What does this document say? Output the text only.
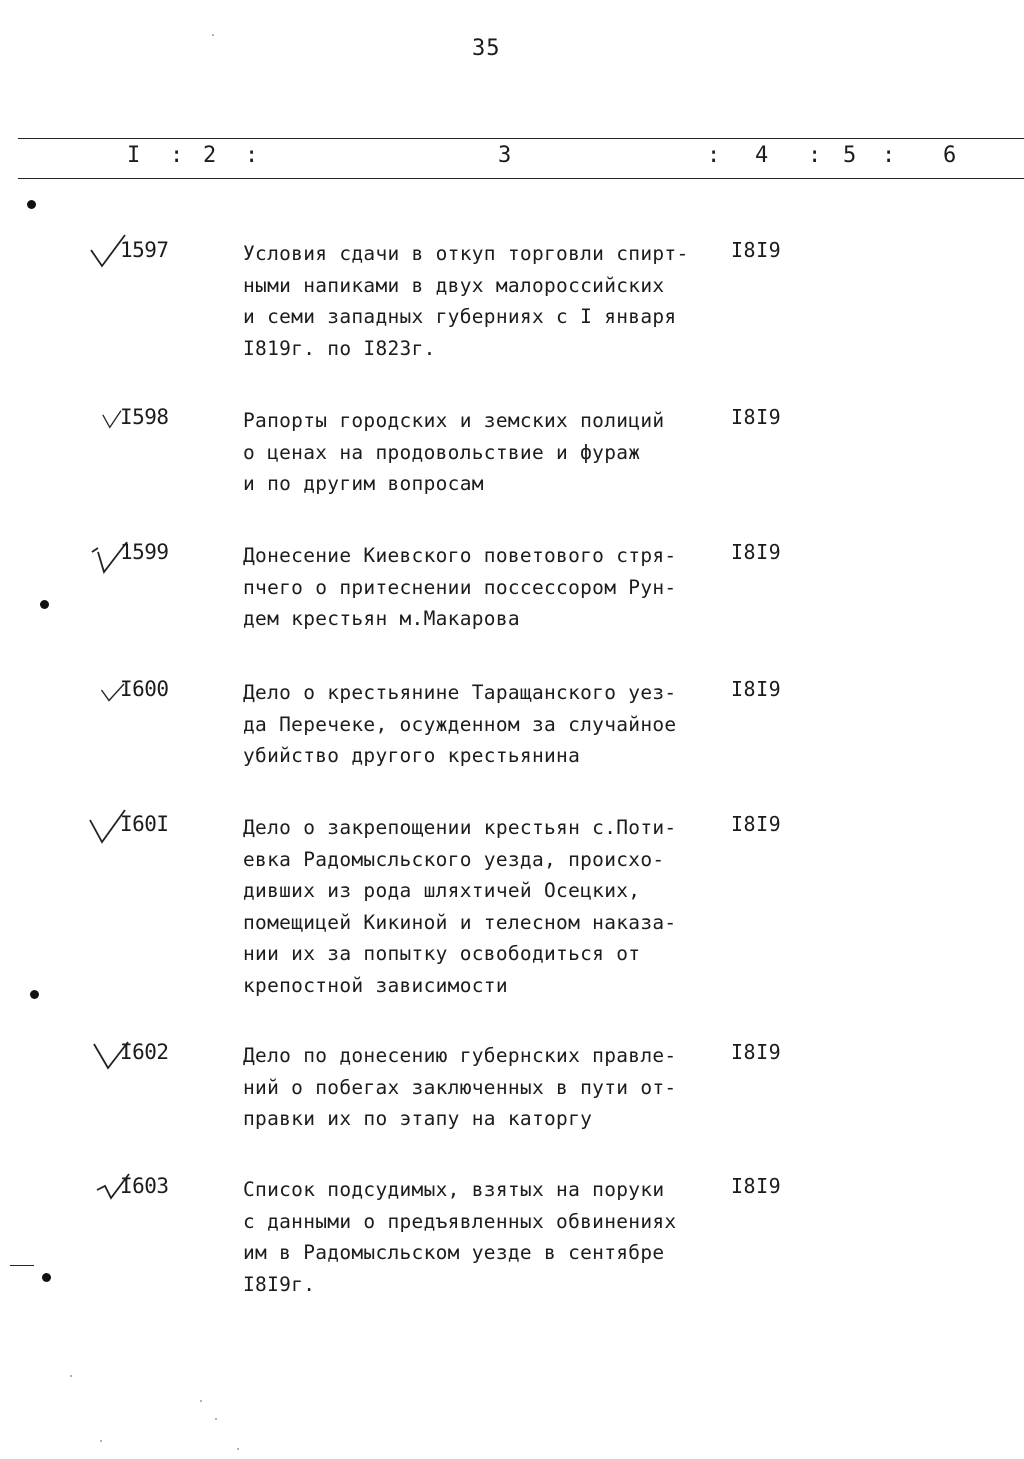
35
I : 2 :	3	: 4 : 5 : 6
1597	Условия сдачи в откуп торговли спирт-
ными напиками в двух малороссийских
и семи западных губерниях с I января
I819г. по I823г.
I8I9
I598	Рапорты городских и земских полиций
о ценах на продовольствие и фураж
и по другим вопросам
I8I9
1599	Донесение Киевского поветового стря-
пчего о притеснении поссессором Рун-
дем крестьян м.Макарова
I8I9
I600	Дело о крестьянине Таращанского уез-
да Перечеке, осужденном за случайное
убийство другого крестьянина
I8I9
I60I	Дело о закрепощении крестьян с.Поти-
евка Радомысльского уезда, происхо-
дивших из рода шляхтичей Осецких,
помещицей Кикиной и телесном наказа-
нии их за попытку освободиться от
крепостной зависимости
I8I9
I602	Дело по донесению губернских правле-
ний о побегах заключенных в пути от-
правки их по этапу на каторгу
I8I9
I603	Список подсудимых, взятых на поруки
с данными о предъявленных обвинениях
им в Радомысльском уезде в сентябре
I8I9г.
I8I9
